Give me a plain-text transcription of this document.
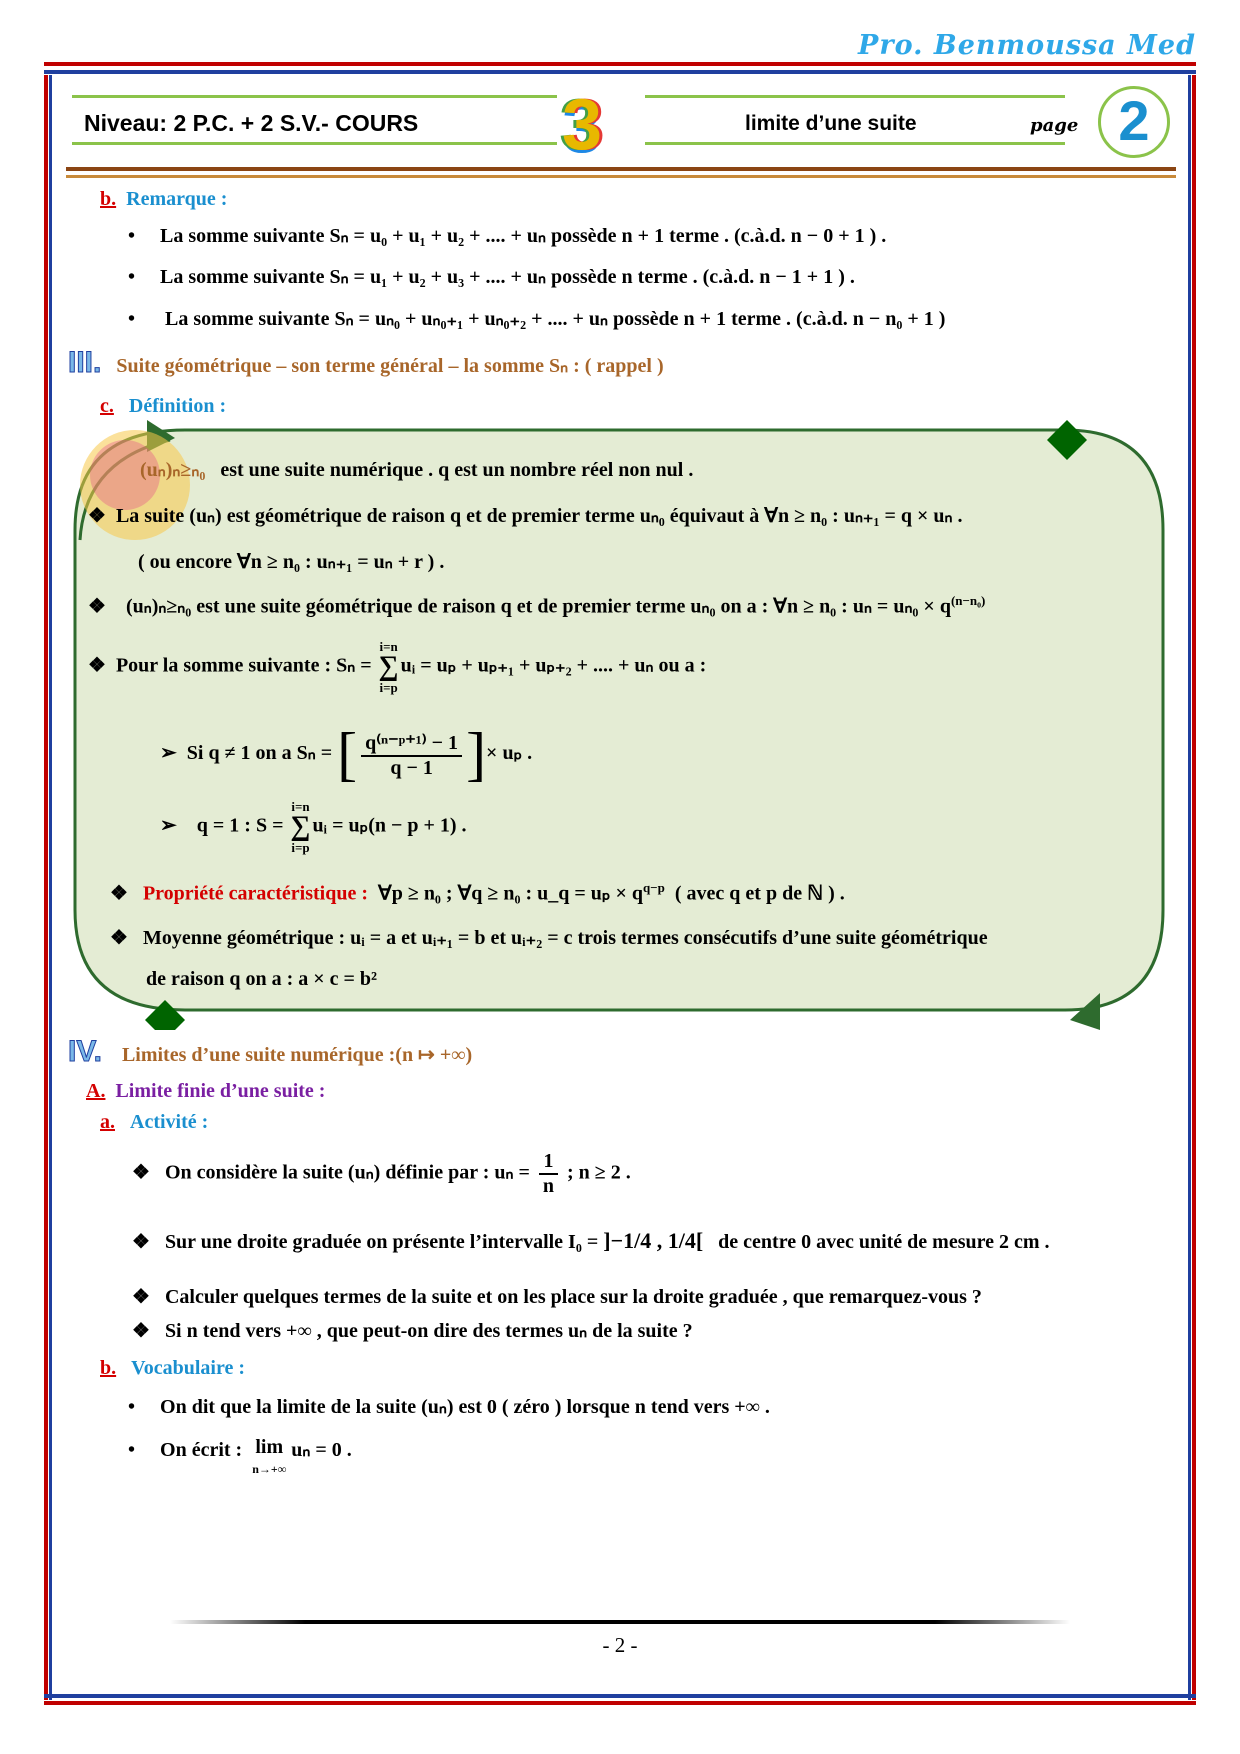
Pro. Benmoussa Med
Niveau: 2 P.C. + 2 S.V.- COURS 3	limite d’une suite	page 2
b. Remarque :
•     La somme suivante Sₙ = u₀ + u₁ + u₂ + .... + uₙ possède n + 1 terme . (c.à.d. n − 0 + 1 ) .
•     La somme suivante Sₙ = u₁ + u₂ + u₃ + .... + uₙ possède n terme . (c.à.d. n − 1 + 1 ) .
•      La somme suivante Sₙ = uₙ₀ + uₙ₀₊₁ + uₙ₀₊₂ + .... + uₙ possède n + 1 terme . (c.à.d. n − n₀ + 1 )
III. Suite géométrique – son terme général – la somme Sₙ : ( rappel )
c. Définition :
(uₙ)ₙ≥ₙ₀ est une suite numérique . q est un nombre réel non nul .
❖  La suite (uₙ) est géométrique de raison q et de premier terme uₙ₀ équivaut à ∀n ≥ n₀ : uₙ₊₁ = q × uₙ .
( ou encore ∀n ≥ n₀ : uₙ₊₁ = uₙ + r ) .
❖    (uₙ)ₙ≥ₙ₀ est une suite géométrique de raison q et de premier terme uₙ₀ on a : ∀n ≥ n₀ : $u_n = u_{n0} \times q^{(n-n_0)}$
❖  Pour la somme suivante : Sₙ = i=n
∑
i=puᵢ = uₚ + uₚ₊₁ + uₚ₊₂ + .... + uₙ ou a :
➢  Si q ≠ 1 on a Sₙ = [ $\frac{\text{q⁽ⁿ⁻ᵖ⁺¹⁾ − 1}}{q - 1}$ ]× uₚ .
➢    q = 1 : S = i=n
∑
i=puᵢ = uₚ(n − p + 1) .
❖   Propriété caractéristique : ∀p ≥ n₀ ; ∀q ≥ n₀ : u_q = $u_p \times q^{q-p}$ ( avec q et p de ℕ ) .
❖   Moyenne géométrique : uᵢ = a et uᵢ₊₁ = b et uᵢ₊₂ = c trois termes consécutifs d’une suite géométrique
de raison q on a : a × c = b²
IV. Limites d’une suite numérique :(n ↦ +∞)
A. Limite finie d’une suite :
a. Activité :
❖   On considère la suite (uₙ) définie par : $u_n = \frac{1}{n}$ ; n ≥ 2 .
❖   Sur une droite graduée on présente l’intervalle I₀ = ]−1/4 , 1/4[ de centre 0 avec unité de mesure 2 cm .
❖   Calculer quelques termes de la suite et on les place sur la droite graduée , que remarquez-vous ?
❖   Si n tend vers +∞ , que peut-on dire des termes uₙ de la suite ?
b. Vocabulaire :
•     On dit que la limite de la suite (uₙ) est 0 ( zéro ) lorsque n tend vers +∞ .
•     On écrit : lim
n→+∞ uₙ = 0 .
- 2 -
